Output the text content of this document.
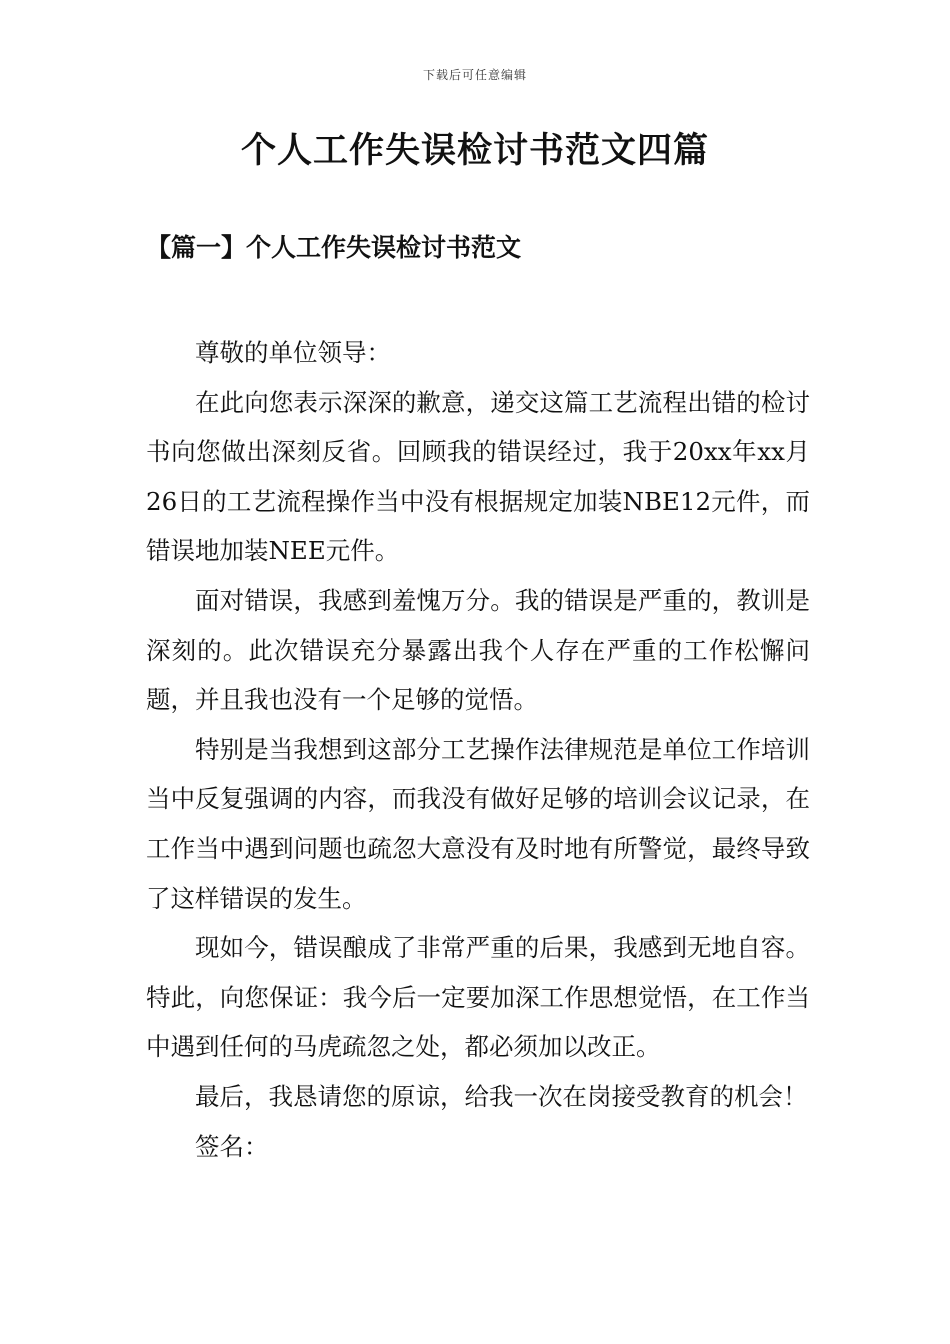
下载后可任意编辑
个人工作失误检讨书范文四篇
【篇一】个人工作失误检讨书范文

尊敬的单位领导：

在此向您表示深深的歉意，递交这篇工艺流程出错的检讨书向您做出深刻反省。回顾我的错误经过，我于20xx年xx月26日的工艺流程操作当中没有根据规定加装NBE12元件，而错误地加装NEE元件。

面对错误，我感到羞愧万分。我的错误是严重的，教训是深刻的。此次错误充分暴露出我个人存在严重的工作松懈问题，并且我也没有一个足够的觉悟。

特别是当我想到这部分工艺操作法律规范是单位工作培训当中反复强调的内容，而我没有做好足够的培训会议记录，在工作当中遇到问题也疏忽大意没有及时地有所警觉，最终导致了这样错误的发生。

现如今，错误酿成了非常严重的后果，我感到无地自容。特此，向您保证：我今后一定要加深工作思想觉悟，在工作当中遇到任何的马虎疏忽之处，都必须加以改正。

最后，我恳请您的原谅，给我一次在岗接受教育的机会！

签名：
